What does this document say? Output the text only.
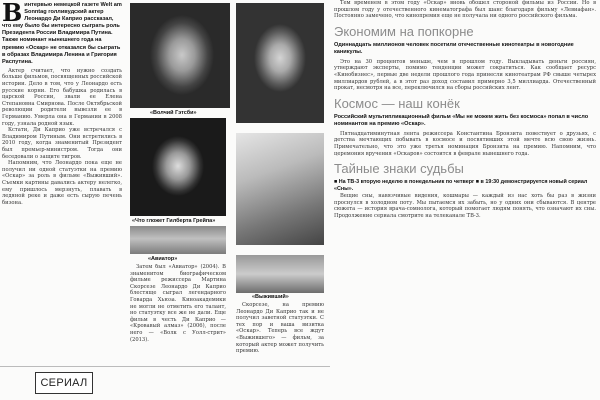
В интервью немецкой газете Welt am Sonntag голливудский актер Леонардо Ди Каприо рассказал, что ему было бы интересно сыграть роль Президента России Владимира Путина. Также номинант нынешнего года на премию «Оскар» не отказался бы сыграть в образах Владимира Ленина и Григория Распутина.

Актер считает, что нужно создать больше фильмов, посвященных российской истории. Дело в том, что у Леонардо есть русские корни. Его бабушка родилась в царской России, звали ее Елена Степановна Смирнова. После Октябрьской революции родители вывезли ее в Германию. Умерла она в Германии в 2008 году, узнала родной язык.

Кстати, Ди Каприо уже встречался с Владимиром Путиным. Они встретились в 2010 году, когда знаменитый Президент был премьер-министром. Тогда они беседовали о защите тигров.

Напомним, что Леонардо пока еще не получил ни одной статуэтки на премию «Оскар» за роль в фильме «Выживший». Съемки картины давались актеру нелегко, ему пришлось мерзнуть, плавать в ледяной реке и даже есть сырую печень бизона.

«Волчий Гэтсби»
«Что гложет Гилберта Грейпа»
«Авиатор»
«Выживший»

Затем был «Авиатор» (2004). В знаменитом биографическом фильме режиссера Мартина Скорсезе Леонардо Ди Каприо блестяще сыграл легендарного Говарда Хьюза. Киноакадемики не могли не отметить его талант, но статуэтку все же не дали. Еще фильм в честь Ди Каприо — «Кровавый алмаз» (2006), после него — «Волк с Уолл-стрит» (2013).

Скорсезе, на премию Леонардо Ди Каприо так и не получил заветной статуэтки. С тех пор и ваша визитка «Оскар». Теперь все ждут «Выжившего» — фильм, за который актер может получить премию.

Тем временем в этом году «Оскар» вновь обошел стороной фильмы из России. Но в прошлом году у отечественного кинематографа был шанс благодаря фильму «Левиафан». Постоянно замечено, что кинопремия еще не получала ни одного российского фильма.

Экономим на попкорне
Одиннадцать миллионов человек посетили отечественные кинотеатры в новогодние каникулы.

Это на 30 процентов меньше, чем в прошлом году. Выкладывать деньги россиян, утверждают эксперты, помимо тенденции может сократиться. Как сообщает ресурс «Кинобизнес», первые две недели прошлого года принесли кинотеатрам РФ свыше четырех миллиардов рублей, а в этот раз доход составил примерно 3,5 миллиарда. Отечественный прокат, несмотря на все, переключился на сборы российских лент.

Космос — наш конёк
Российский мультипликационный фильм «Мы не можем жить без космоса» попал в число номинантов на премию «Оскар».

Пятнадцатиминутная лента режиссера Константина Бронзита повествует о друзьях, с детства мечтающих побывать в космосе и посвятивших этой мечте всю свою жизнь. Примечательно, что это уже третья номинация Бронзита на премию. Напомним, что церемония вручения «Оскаров» состоится в феврале нынешнего года.

Тайные знаки судьбы
■ На ТВ-3 вторую неделю в понедельник по четверг ■ в 19:30 демонстрируется новый сериал «Сны».

Вещие сны, навязчивые видения, кошмары — каждый из нас хоть бы раз в жизни проснулся в холодном поту. Мы пытаемся их забыть, но у одних они сбываются. В центре сюжета — история врача-сомнолога, который помогает людям понять, что означают их сны. Продолжение сериала смотрите на телеканале ТВ-3.

СЕРИАЛ
